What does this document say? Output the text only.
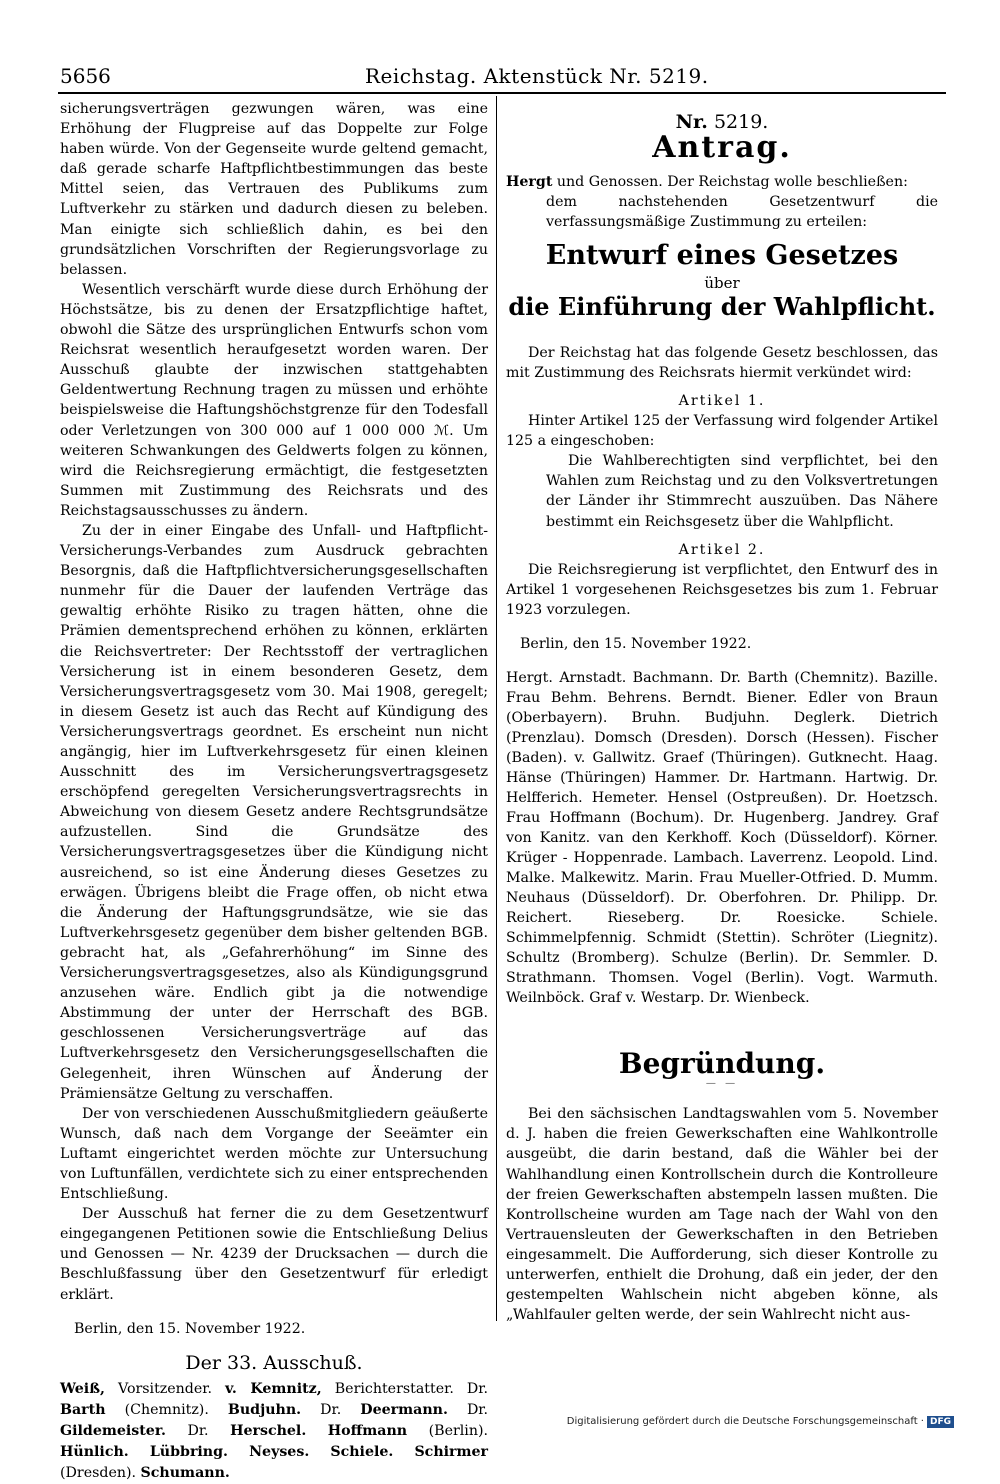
5656	Reichstag. Aktenstück Nr. 5219.

sicherungsverträgen gezwungen wären, was eine Erhöhung der Flugpreise auf das Doppelte zur Folge haben würde. Von der Gegenseite wurde geltend gemacht, daß gerade scharfe Haftpflichtbestimmungen das beste Mittel seien, das Vertrauen des Publikums zum Luftverkehr zu stärken und dadurch diesen zu beleben. Man einigte sich schließlich dahin, es bei den grundsätzlichen Vorschriften der Regierungsvorlage zu belassen.

Wesentlich verschärft wurde diese durch Erhöhung der Höchstsätze, bis zu denen der Ersatzpflichtige haftet, obwohl die Sätze des ursprünglichen Entwurfs schon vom Reichsrat wesentlich heraufgesetzt worden waren. Der Ausschuß glaubte der inzwischen stattgehabten Geldentwertung Rechnung tragen zu müssen und erhöhte beispielsweise die Haftungshöchstgrenze für den Todesfall oder Verletzungen von 300 000 auf 1 000 000 ℳ. Um weiteren Schwankungen des Geldwerts folgen zu können, wird die Reichsregierung ermächtigt, die festgesetzten Summen mit Zustimmung des Reichsrats und des Reichstagsausschusses zu ändern.

Zu der in einer Eingabe des Unfall- und Haftpflicht-Versicherungs-Verbandes zum Ausdruck gebrachten Besorgnis, daß die Haftpflichtversicherungsgesellschaften nunmehr für die Dauer der laufenden Verträge das gewaltig erhöhte Risiko zu tragen hätten, ohne die Prämien dementsprechend erhöhen zu können, erklärten die Reichsvertreter: Der Rechtsstoff der vertraglichen Versicherung ist in einem besonderen Gesetz, dem Versicherungsvertragsgesetz vom 30. Mai 1908, geregelt; in diesem Gesetz ist auch das Recht auf Kündigung des Versicherungsvertrags geordnet. Es erscheint nun nicht angängig, hier im Luftverkehrsgesetz für einen kleinen Ausschnitt des im Versicherungsvertragsgesetz erschöpfend geregelten Versicherungsvertragsrechts in Abweichung von diesem Gesetz andere Rechtsgrundsätze aufzustellen. Sind die Grundsätze des Versicherungsvertragsgesetzes über die Kündigung nicht ausreichend, so ist eine Änderung dieses Gesetzes zu erwägen. Übrigens bleibt die Frage offen, ob nicht etwa die Änderung der Haftungsgrundsätze, wie sie das Luftverkehrsgesetz gegenüber dem bisher geltenden BGB. gebracht hat, als „Gefahrerhöhung“ im Sinne des Versicherungsvertragsgesetzes, also als Kündigungsgrund anzusehen wäre. Endlich gibt ja die notwendige Abstimmung der unter der Herrschaft des BGB. geschlossenen Versicherungsverträge auf das Luftverkehrsgesetz den Versicherungsgesellschaften die Gelegenheit, ihren Wünschen auf Änderung der Prämiensätze Geltung zu verschaffen.

Der von verschiedenen Ausschußmitgliedern geäußerte Wunsch, daß nach dem Vorgange der Seeämter ein Luftamt eingerichtet werden möchte zur Untersuchung von Luftunfällen, verdichtete sich zu einer entsprechenden Entschließung.

Der Ausschuß hat ferner die zu dem Gesetzentwurf eingegangenen Petitionen sowie die Entschließung Delius und Genossen — Nr. 4239 der Drucksachen — durch die Beschlußfassung über den Gesetzentwurf für erledigt erklärt.

Berlin, den 15. November 1922.

Der 33. Ausschuß.

Weiß, Vorsitzender. v. Kemnitz, Berichterstatter. Dr. Barth (Chemnitz). Budjuhn. Dr. Deermann. Dr. Gildemeister. Dr. Herschel. Hoffmann (Berlin). Hünlich. Lübbring. Neyses. Schiele. Schirmer (Dresden). Schumann.

Nr. 5219.

Antrag.

Hergt und Genossen. Der Reichstag wolle beschließen:

dem nachstehenden Gesetzentwurf die verfassungsmäßige Zustimmung zu erteilen:

Entwurf eines Gesetzes

über

die Einführung der Wahlpflicht.

Der Reichstag hat das folgende Gesetz beschlossen, das mit Zustimmung des Reichsrats hiermit verkündet wird:

Artikel 1.

Hinter Artikel 125 der Verfassung wird folgender Artikel 125 a eingeschoben:

Die Wahlberechtigten sind verpflichtet, bei den Wahlen zum Reichstag und zu den Volksvertretungen der Länder ihr Stimmrecht auszuüben. Das Nähere bestimmt ein Reichsgesetz über die Wahlpflicht.

Artikel 2.

Die Reichsregierung ist verpflichtet, den Entwurf des in Artikel 1 vorgesehenen Reichsgesetzes bis zum 1. Februar 1923 vorzulegen.

Berlin, den 15. November 1922.

Hergt. Arnstadt. Bachmann. Dr. Barth (Chemnitz). Bazille. Frau Behm. Behrens. Berndt. Biener. Edler von Braun (Oberbayern). Bruhn. Budjuhn. Deglerk. Dietrich (Prenzlau). Domsch (Dresden). Dorsch (Hessen). Fischer (Baden). v. Gallwitz. Graef (Thüringen). Gutknecht. Haag. Hänse (Thüringen) Hammer. Dr. Hartmann. Hartwig. Dr. Helfferich. Hemeter. Hensel (Ostpreußen). Dr. Hoetzsch. Frau Hoffmann (Bochum). Dr. Hugenberg. Jandrey. Graf von Kanitz. van den Kerkhoff. Koch (Düsseldorf). Körner. Krüger - Hoppenrade. Lambach. Laverrenz. Leopold. Lind. Malke. Malkewitz. Marin. Frau Mueller-Otfried. D. Mumm. Neuhaus (Düsseldorf). Dr. Oberfohren. Dr. Philipp. Dr. Reichert. Rieseberg. Dr. Roesicke. Schiele. Schimmelpfennig. Schmidt (Stettin). Schröter (Liegnitz). Schultz (Bromberg). Schulze (Berlin). Dr. Semmler. D. Strathmann. Thomsen. Vogel (Berlin). Vogt. Warmuth. Weilnböck. Graf v. Westarp. Dr. Wienbeck.

Begründung.

— —

Bei den sächsischen Landtagswahlen vom 5. November d. J. haben die freien Gewerkschaften eine Wahlkontrolle ausgeübt, die darin bestand, daß die Wähler bei der Wahlhandlung einen Kontrollschein durch die Kontrolleure der freien Gewerkschaften abstempeln lassen mußten. Die Kontrollscheine wurden am Tage nach der Wahl von den Vertrauensleuten der Gewerkschaften in den Betrieben eingesammelt. Die Aufforderung, sich dieser Kontrolle zu unterwerfen, enthielt die Drohung, daß ein jeder, der den gestempelten Wahlschein nicht abgeben könne, als „Wahlfauler gelten werde, der sein Wahlrecht nicht aus-

Digitalisierung gefördert durch die Deutsche Forschungsgemeinschaft · DFG
